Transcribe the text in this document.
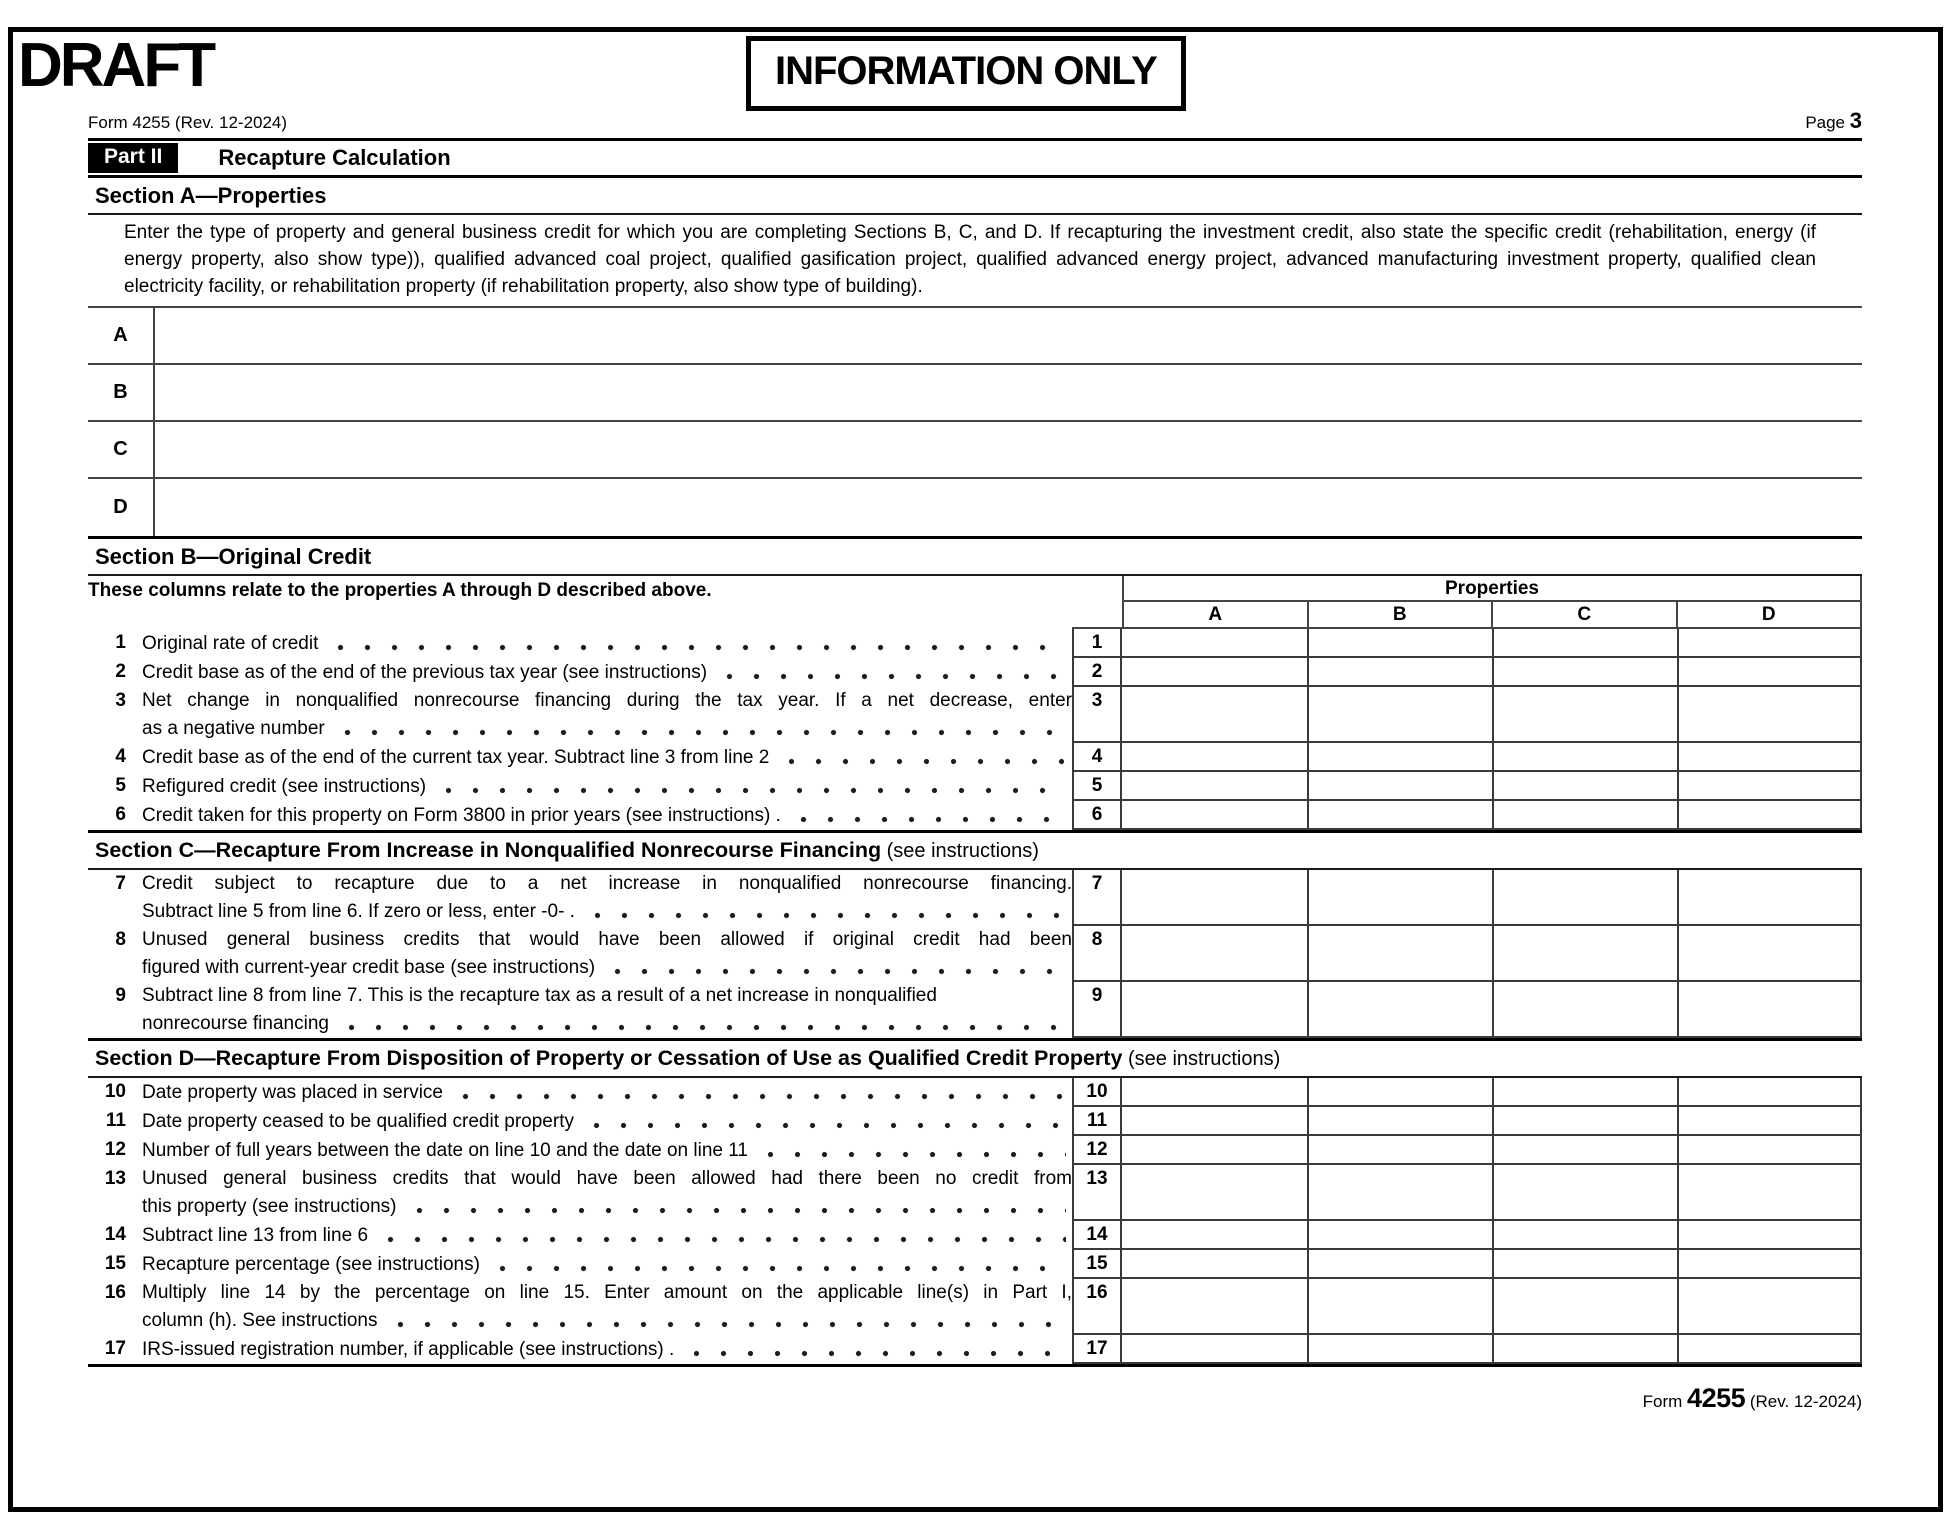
DRAFT	INFORMATION ONLY
Form 4255 (Rev. 12-2024)	Page 3
Part II	Recapture Calculation
Section A—Properties
Enter the type of property and general business credit for which you are completing Sections B, C, and D. If recapturing the investment credit, also state the specific credit (rehabilitation, energy (if energy property, also show type)), qualified advanced coal project, qualified gasification project, qualified advanced energy project, advanced manufacturing investment property, qualified clean electricity facility, or rehabilitation property (if rehabilitation property, also show type of building).
A
B
C
D
Section B—Original Credit
These columns relate to the properties A through D described above.	Properties
A	B	C	D
1 Original rate of credit	1
2 Credit base as of the end of the previous tax year (see instructions)	2
3 Net change in nonqualified nonrecourse financing during the tax year. If a net decrease, enter
as a negative number
3
4 Credit base as of the end of the current tax year. Subtract line 3 from line 2	4
5 Refigured credit (see instructions)	5
6 Credit taken for this property on Form 3800 in prior years (see instructions) .	6
Section C—Recapture From Increase in Nonqualified Nonrecourse Financing (see instructions)
7 Credit subject to recapture due to a net increase in nonqualified nonrecourse financing.
Subtract line 5 from line 6. If zero or less, enter -0- .
7
8 Unused general business credits that would have been allowed if original credit had been
figured with current-year credit base (see instructions)
8
9 Subtract line 8 from line 7. This is the recapture tax as a result of a net increase in nonqualified
nonrecourse financing
9
Section D—Recapture From Disposition of Property or Cessation of Use as Qualified Credit Property (see instructions)
10 Date property was placed in service	10
11 Date property ceased to be qualified credit property	11
12 Number of full years between the date on line 10 and the date on line 11	12
13 Unused general business credits that would have been allowed had there been no credit from
this property (see instructions)
13
14 Subtract line 13 from line 6	14
15 Recapture percentage (see instructions)	15
16 Multiply line 14 by the percentage on line 15. Enter amount on the applicable line(s) in Part I,
column (h). See instructions
16
17 IRS-issued registration number, if applicable (see instructions) .	17
Form 4255 (Rev. 12-2024)
